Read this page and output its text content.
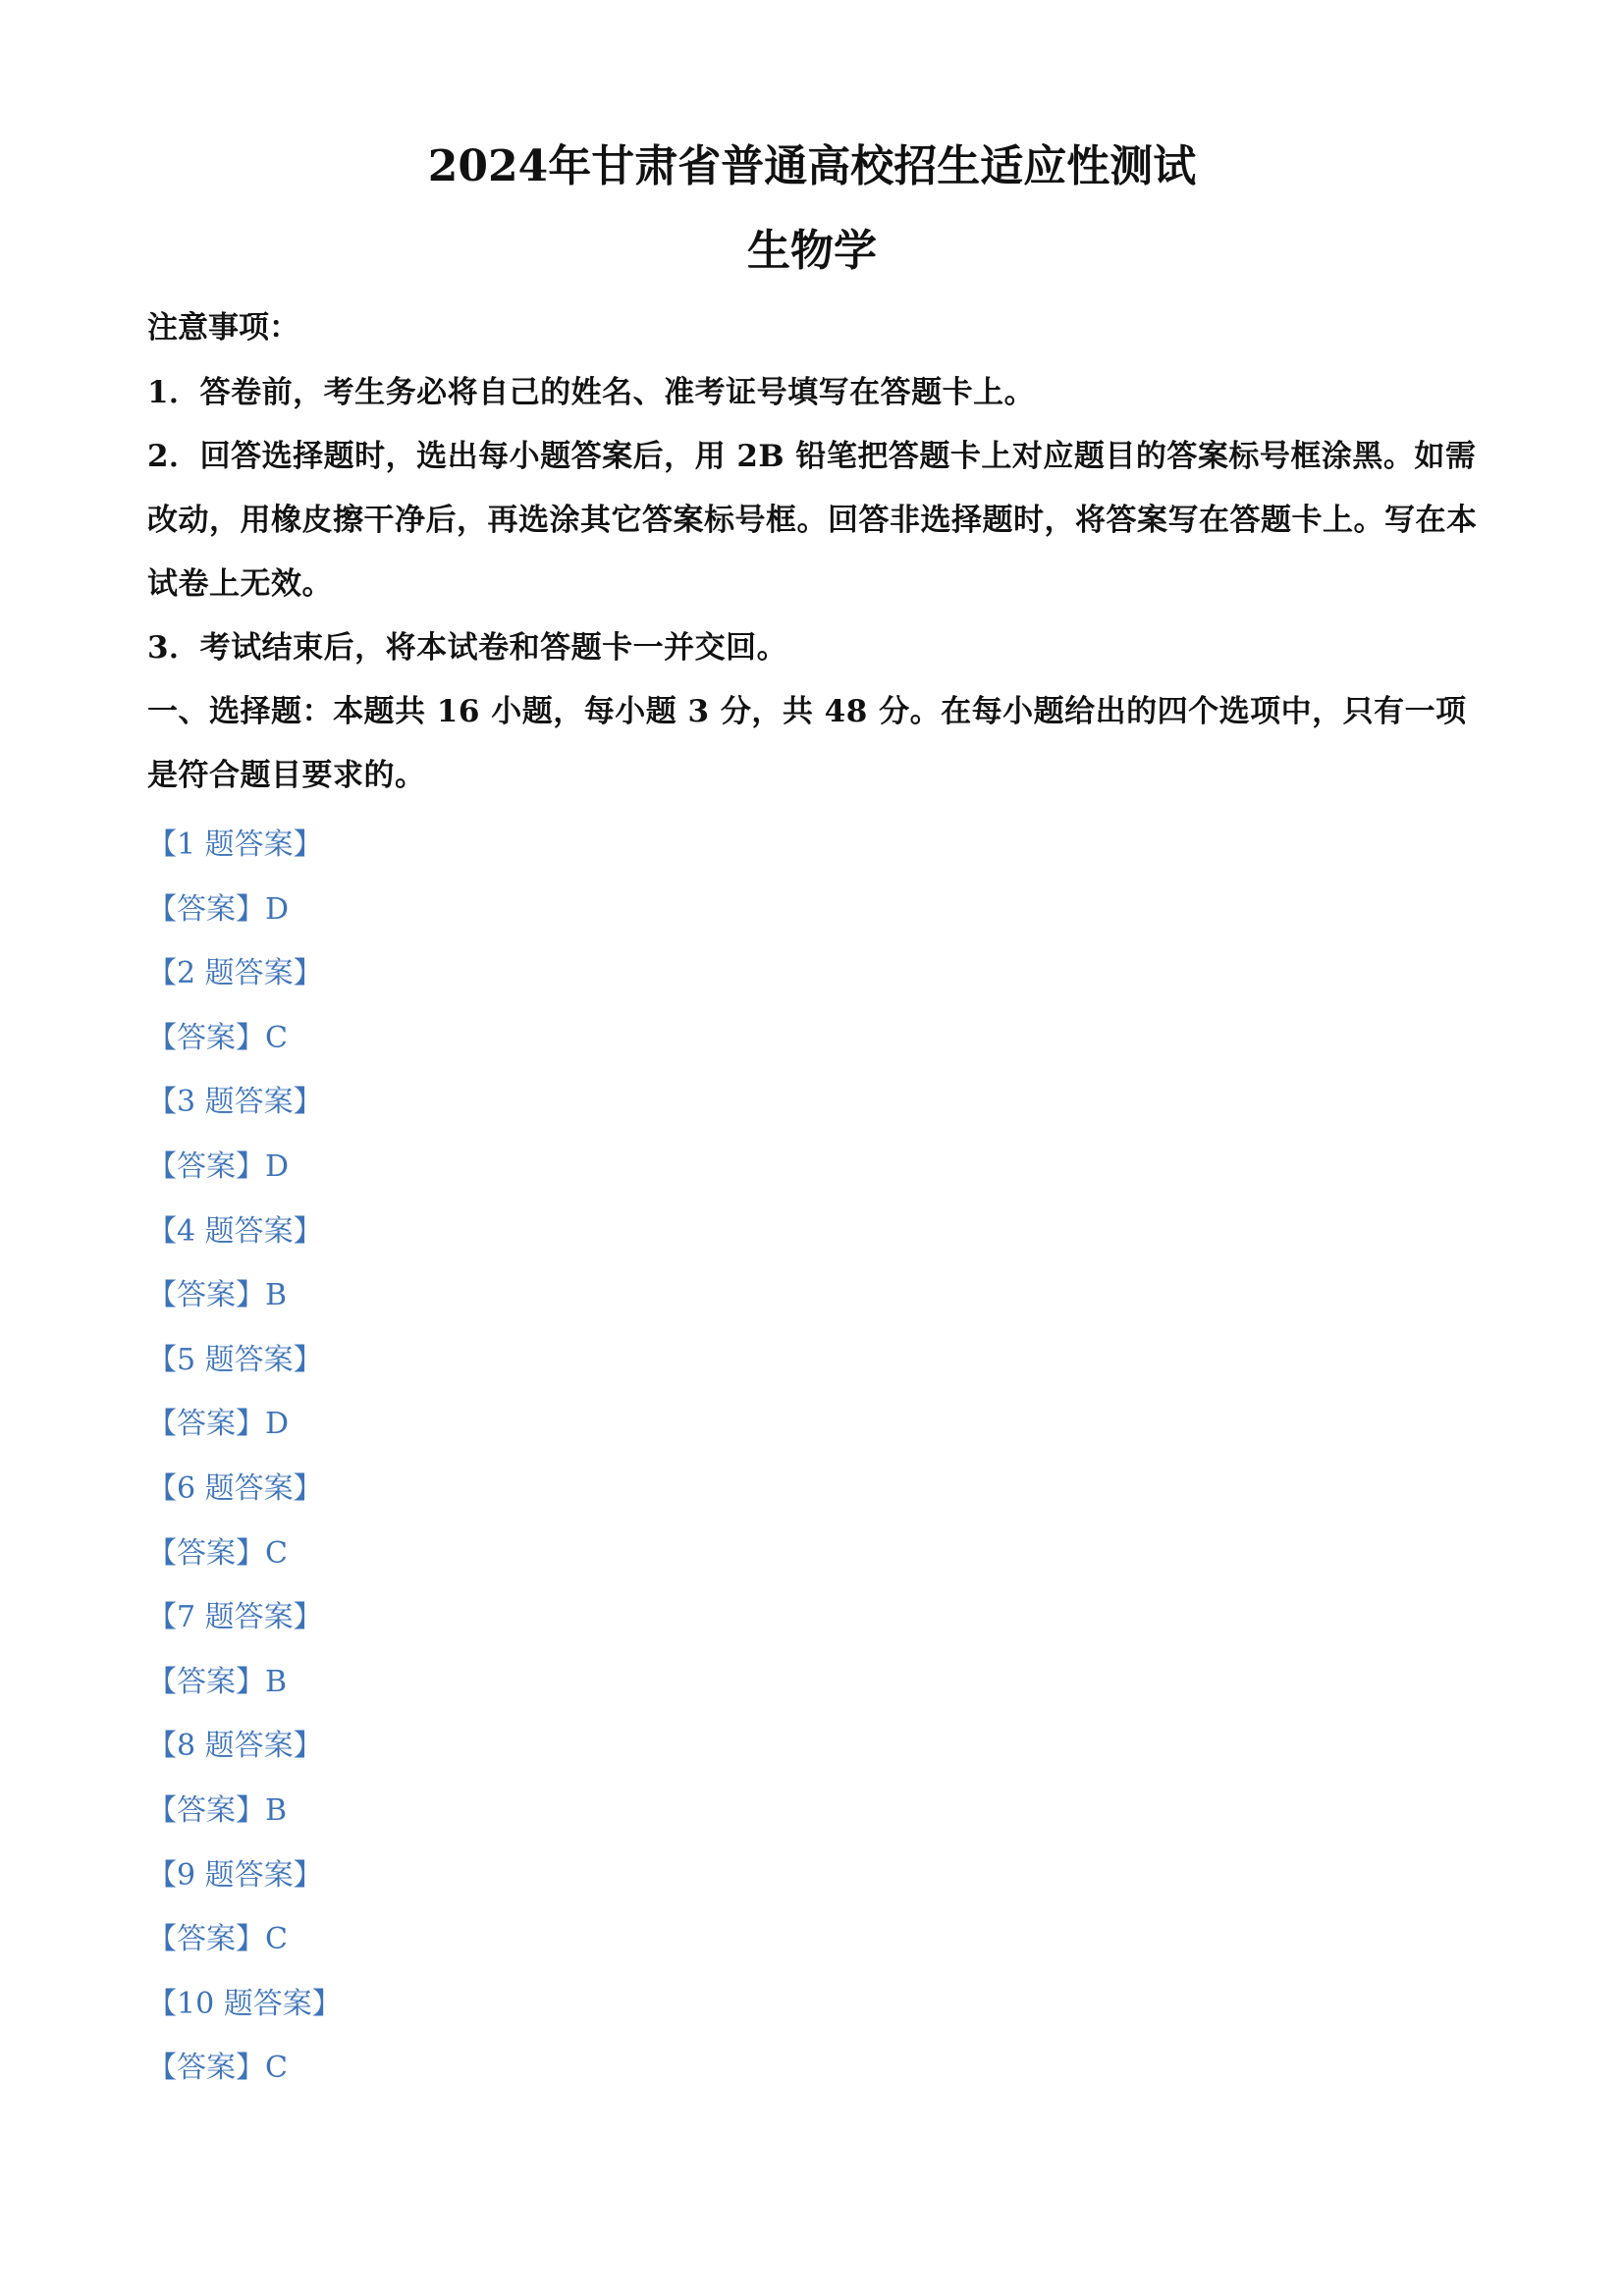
2024年甘肃省普通高校招生适应性测试
生物学
注意事项：
1．答卷前，考生务必将自己的姓名、准考证号填写在答题卡上。
2．回答选择题时，选出每小题答案后，用 2B 铅笔把答题卡上对应题目的答案标号框涂黑。如需改动，用橡皮擦干净后，再选涂其它答案标号框。回答非选择题时，将答案写在答题卡上。写在本试卷上无效。
3．考试结束后，将本试卷和答题卡一并交回。
一、选择题：本题共 16 小题，每小题 3 分，共 48 分。在每小题给出的四个选项中，只有一项是符合题目要求的。
【1 题答案】
【答案】D
【2 题答案】
【答案】C
【3 题答案】
【答案】D
【4 题答案】
【答案】B
【5 题答案】
【答案】D
【6 题答案】
【答案】C
【7 题答案】
【答案】B
【8 题答案】
【答案】B
【9 题答案】
【答案】C
【10 题答案】
【答案】C
